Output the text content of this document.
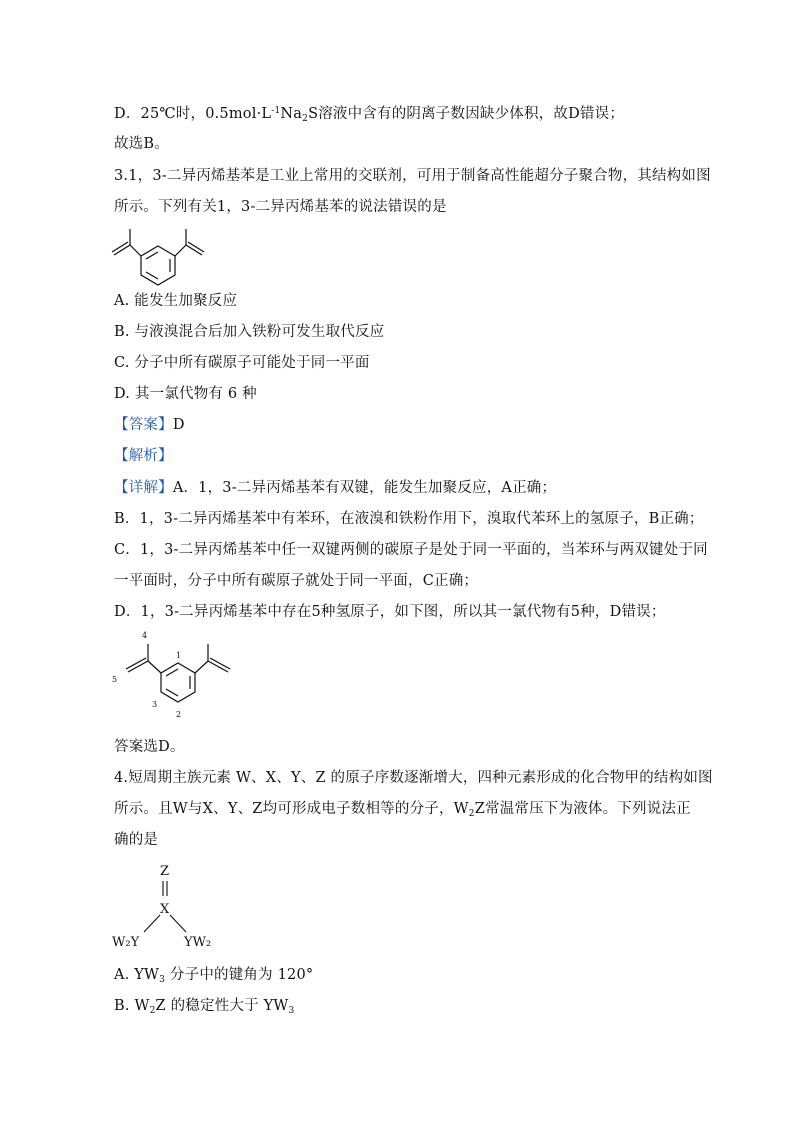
D．25℃时，$0.5mol\cdot L^{-1}Na_2S$溶液中含有的阴离子数因缺少体积，故D错误；
故选B。
3.1，3-二异丙烯基苯是工业上常用的交联剂，可用于制备高性能超分子聚合物，其结构如图
所示。下列有关1，3-二异丙烯基苯的说法错误的是
A. 能发生加聚反应
B. 与液溴混合后加入铁粉可发生取代反应
C. 分子中所有碳原子可能处于同一平面
D. 其一氯代物有 6 种
【答案】D
【解析】
【详解】A．1，3-二异丙烯基苯有双键，能发生加聚反应，A正确；
B．1，3-二异丙烯基苯中有苯环，在液溴和铁粉作用下，溴取代苯环上的氢原子，B正确；
C．1，3-二异丙烯基苯中任一双键两侧的碳原子是处于同一平面的，当苯环与两双键处于同
一平面时，分子中所有碳原子就处于同一平面，C正确；
D．1，3-二异丙烯基苯中存在5种氢原子，如下图，所以其一氯代物有5种，D错误；
4
5
1
3
2
答案选D。
4.短周期主族元素 W、X、Y、Z 的原子序数逐渐增大，四种元素形成的化合物甲的结构如图
所示。且W与X、Y、Z均可形成电子数相等的分子，$W_2Z$常温常压下为液体。下列说法正
确的是
Z
X
W₂Y	YW₂
A. $YW_3$ 分子中的键角为 120°
B. $W_2Z$ 的稳定性大于 $YW_3$
